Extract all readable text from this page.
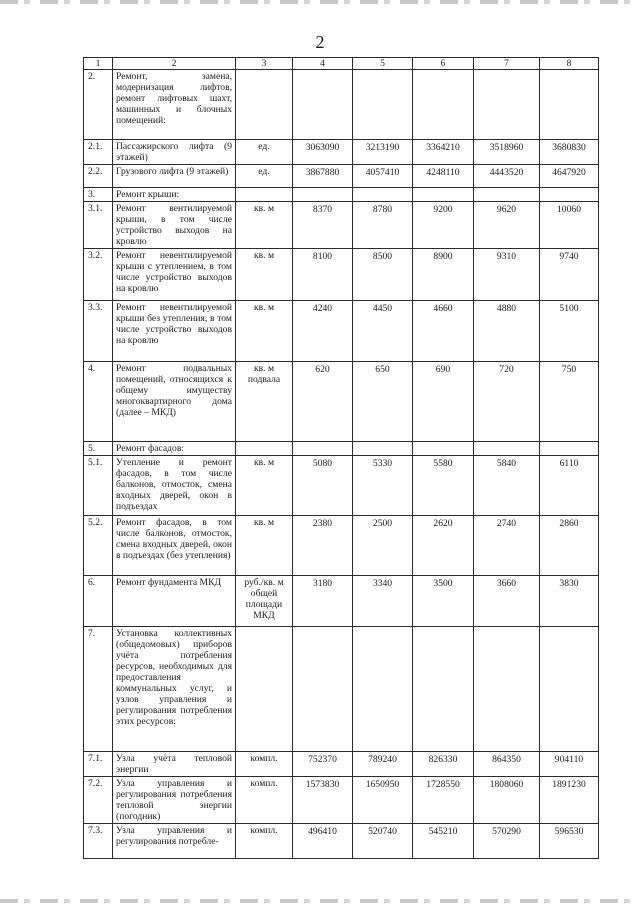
2
1	2	3	4	5	6	7	8
2.	Ремонт, замена, модернизация лифтов, ремонт лифтовых шахт, машинных и блочных помещений:						
2.1.	Пассажирского лифта (9 этажей)	ед.	3063090	3213190	3364210	3518960	3680830
2.2.	Грузового лифта (9 этажей)	ед.	3867880	4057410	4248110	4443520	4647920
3.	Ремонт крыши:						
3.1.	Ремонт вентилируемой крыши, в том числе устройство выходов на кровлю	кв. м	8370	8780	9200	9620	10060
3.2.	Ремонт невентилируемой крыши с утеплением, в том числе устройство выходов на кровлю	кв. м	8100	8500	8900	9310	9740
3.3.	Ремонт невентилируемой крыши без утепления, в том числе устройство выходов на кровлю	кв. м	4240	4450	4660	4880	5100
4.	Ремонт подвальных помещений, относящихся к общему имуществу многоквартирного дома (далее – МКД)	кв. м подвала	620	650	690	720	750
5.	Ремонт фасадов:						
5.1.	Утепление и ремонт фасадов, в том числе балконов, отмосток, смена входных дверей, окон в подъездах	кв. м	5080	5330	5580	5840	6110
5.2.	Ремонт фасадов, в том числе балконов, отмосток, смена входных дверей, окон в подъездах (без утепления)	кв. м	2380	2500	2620	2740	2860
6.	Ремонт фундамента МКД	руб./кв. м общей площади МКД	3180	3340	3500	3660	3830
7.	Установка коллективных (общедомовых) приборов учёта потребления ресурсов, необходимых для предоставления коммунальных услуг, и узлов управления и регулирования потребления этих ресурсов:						
7.1.	Узла учёта тепловой энергии	компл.	752370	789240	826330	864350	904110
7.2.	Узла управления и регулирования потребления тепловой энергии (погодник)	компл.	1573830	1650950	1728550	1808060	1891230
7.3.	Узла управления и регулирования потребле-	компл.	496410	520740	545210	570290	596530
